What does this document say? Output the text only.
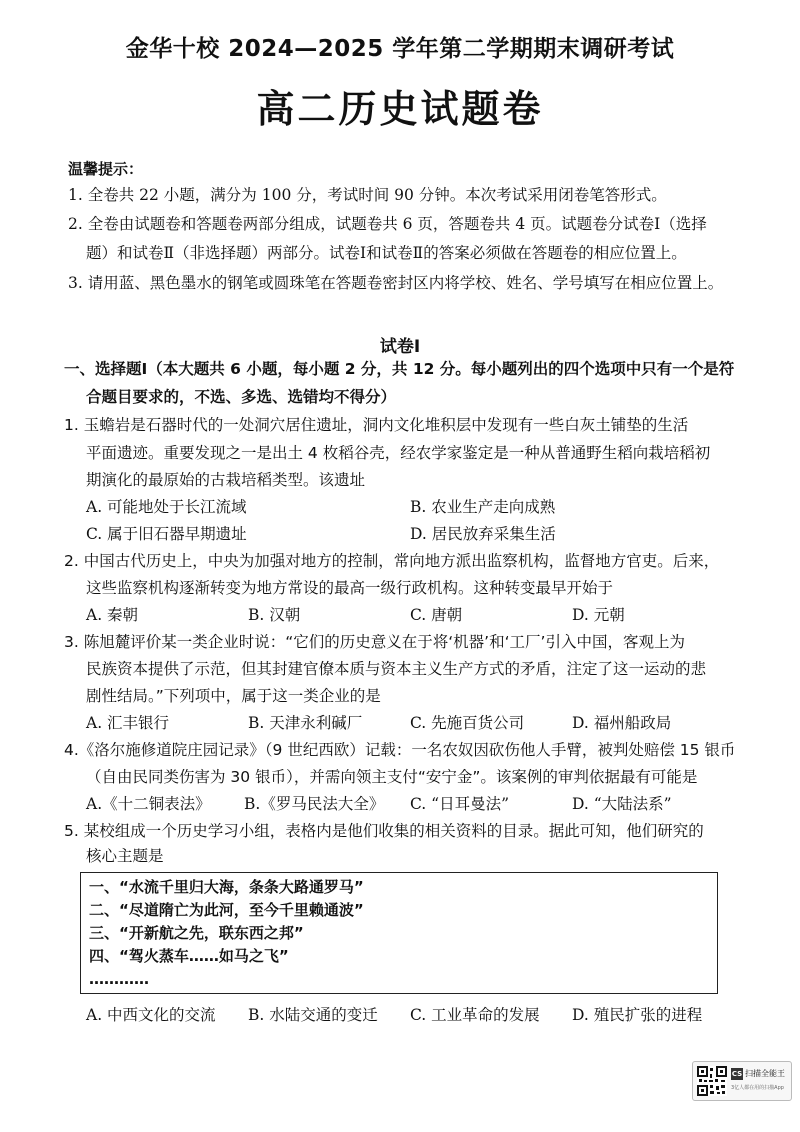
金华十校 2024—2025 学年第二学期期末调研考试
高二历史试题卷
温馨提示：
1. 全卷共 22 小题，满分为 100 分，考试时间 90 分钟。本次考试采用闭卷笔答形式。
2. 全卷由试题卷和答题卷两部分组成，试题卷共 6 页，答题卷共 4 页。试题卷分试卷Ⅰ（选择
题）和试卷Ⅱ（非选择题）两部分。试卷Ⅰ和试卷Ⅱ的答案必须做在答题卷的相应位置上。
3. 请用蓝、黑色墨水的钢笔或圆珠笔在答题卷密封区内将学校、姓名、学号填写在相应位置上。
试卷Ⅰ
一、选择题Ⅰ（本大题共 6 小题，每小题 2 分，共 12 分。每小题列出的四个选项中只有一个是符
合题目要求的，不选、多选、选错均不得分）
1. 玉蟾岩是石器时代的一处洞穴居住遗址，洞内文化堆积层中发现有一些白灰土铺垫的生活
平面遗迹。重要发现之一是出土 4 枚稻谷壳，经农学家鉴定是一种从普通野生稻向栽培稻初
期演化的最原始的古栽培稻类型。该遗址
A. 可能地处于长江流域	B. 农业生产走向成熟
C. 属于旧石器早期遗址	D. 居民放弃采集生活
2. 中国古代历史上，中央为加强对地方的控制，常向地方派出监察机构，监督地方官吏。后来，
这些监察机构逐渐转变为地方常设的最高一级行政机构。这种转变最早开始于
A. 秦朝	B. 汉朝	C. 唐朝	D. 元朝
3. 陈旭麓评价某一类企业时说：“它们的历史意义在于将‘机器’和‘工厂’引入中国，客观上为
民族资本提供了示范，但其封建官僚本质与资本主义生产方式的矛盾，注定了这一运动的悲
剧性结局。”下列项中，属于这一类企业的是
A. 汇丰银行	B. 天津永利碱厂	C. 先施百货公司	D. 福州船政局
4.《洛尔施修道院庄园记录》（9 世纪西欧）记载：一名农奴因砍伤他人手臂，被判处赔偿 15 银币
（自由民同类伤害为 30 银币），并需向领主支付“安宁金”。该案例的审判依据最有可能是
A.《十二铜表法》 B.《罗马民法大全》 C. “日耳曼法”	D. “大陆法系”
5. 某校组成一个历史学习小组，表格内是他们收集的相关资料的目录。据此可知，他们研究的
核心主题是
一、“水流千里归大海，条条大路通罗马”
二、“尽道隋亡为此河，至今千里赖通波”
三、“开新航之先，联东西之邦”
四、“驾火蒸车……如马之飞”
…………
A. 中西文化的交流 B. 水陆交通的变迁 C. 工业革命的发展 D. 殖民扩张的进程
CS 扫描全能王
3亿人都在用的扫描App
